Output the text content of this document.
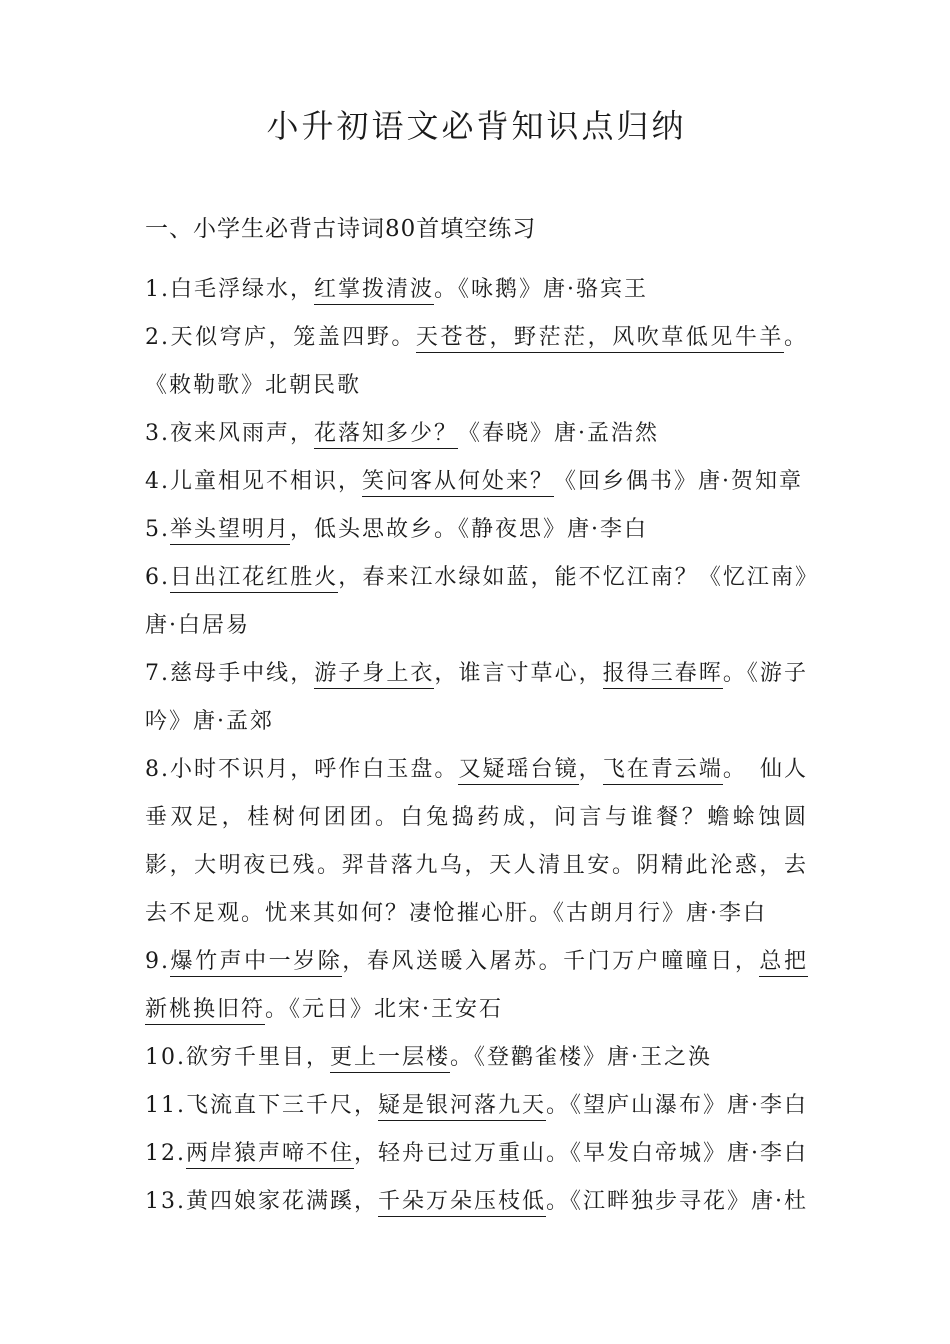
小升初语文必背知识点归纳
一、小学生必背古诗词80首填空练习
1.白毛浮绿水，红掌拨清波。《咏鹅》唐·骆宾王
2.天似穹庐，笼盖四野。天苍苍，野茫茫，风吹草低见牛羊。《敕勒歌》北朝民歌
3.夜来风雨声，花落知多少？《春晓》唐·孟浩然
4.儿童相见不相识，笑问客从何处来？《回乡偶书》唐·贺知章
5.举头望明月，低头思故乡。《静夜思》唐·李白
6.日出江花红胜火，春来江水绿如蓝，能不忆江南？《忆江南》唐·白居易
7.慈母手中线，游子身上衣，谁言寸草心，报得三春晖。《游子吟》唐·孟郊
8.小时不识月，呼作白玉盘。又疑瑶台镜，飞在青云端。　仙人垂双足，桂树何团团。白兔捣药成，问言与谁餐？蟾蜍蚀圆影，大明夜已残。羿昔落九乌，天人清且安。阴精此沦惑，去去不足观。忧来其如何？凄怆摧心肝。《古朗月行》唐·李白
9.爆竹声中一岁除，春风送暖入屠苏。千门万户曈曈日，总把新桃换旧符。《元日》北宋·王安石
10.欲穷千里目，更上一层楼。《登鹳雀楼》唐·王之涣
11.飞流直下三千尺，疑是银河落九天。《望庐山瀑布》唐·李白
12.两岸猿声啼不住，轻舟已过万重山。《早发白帝城》唐·李白
13.黄四娘家花满蹊，千朵万朵压枝低。《江畔独步寻花》唐·杜
